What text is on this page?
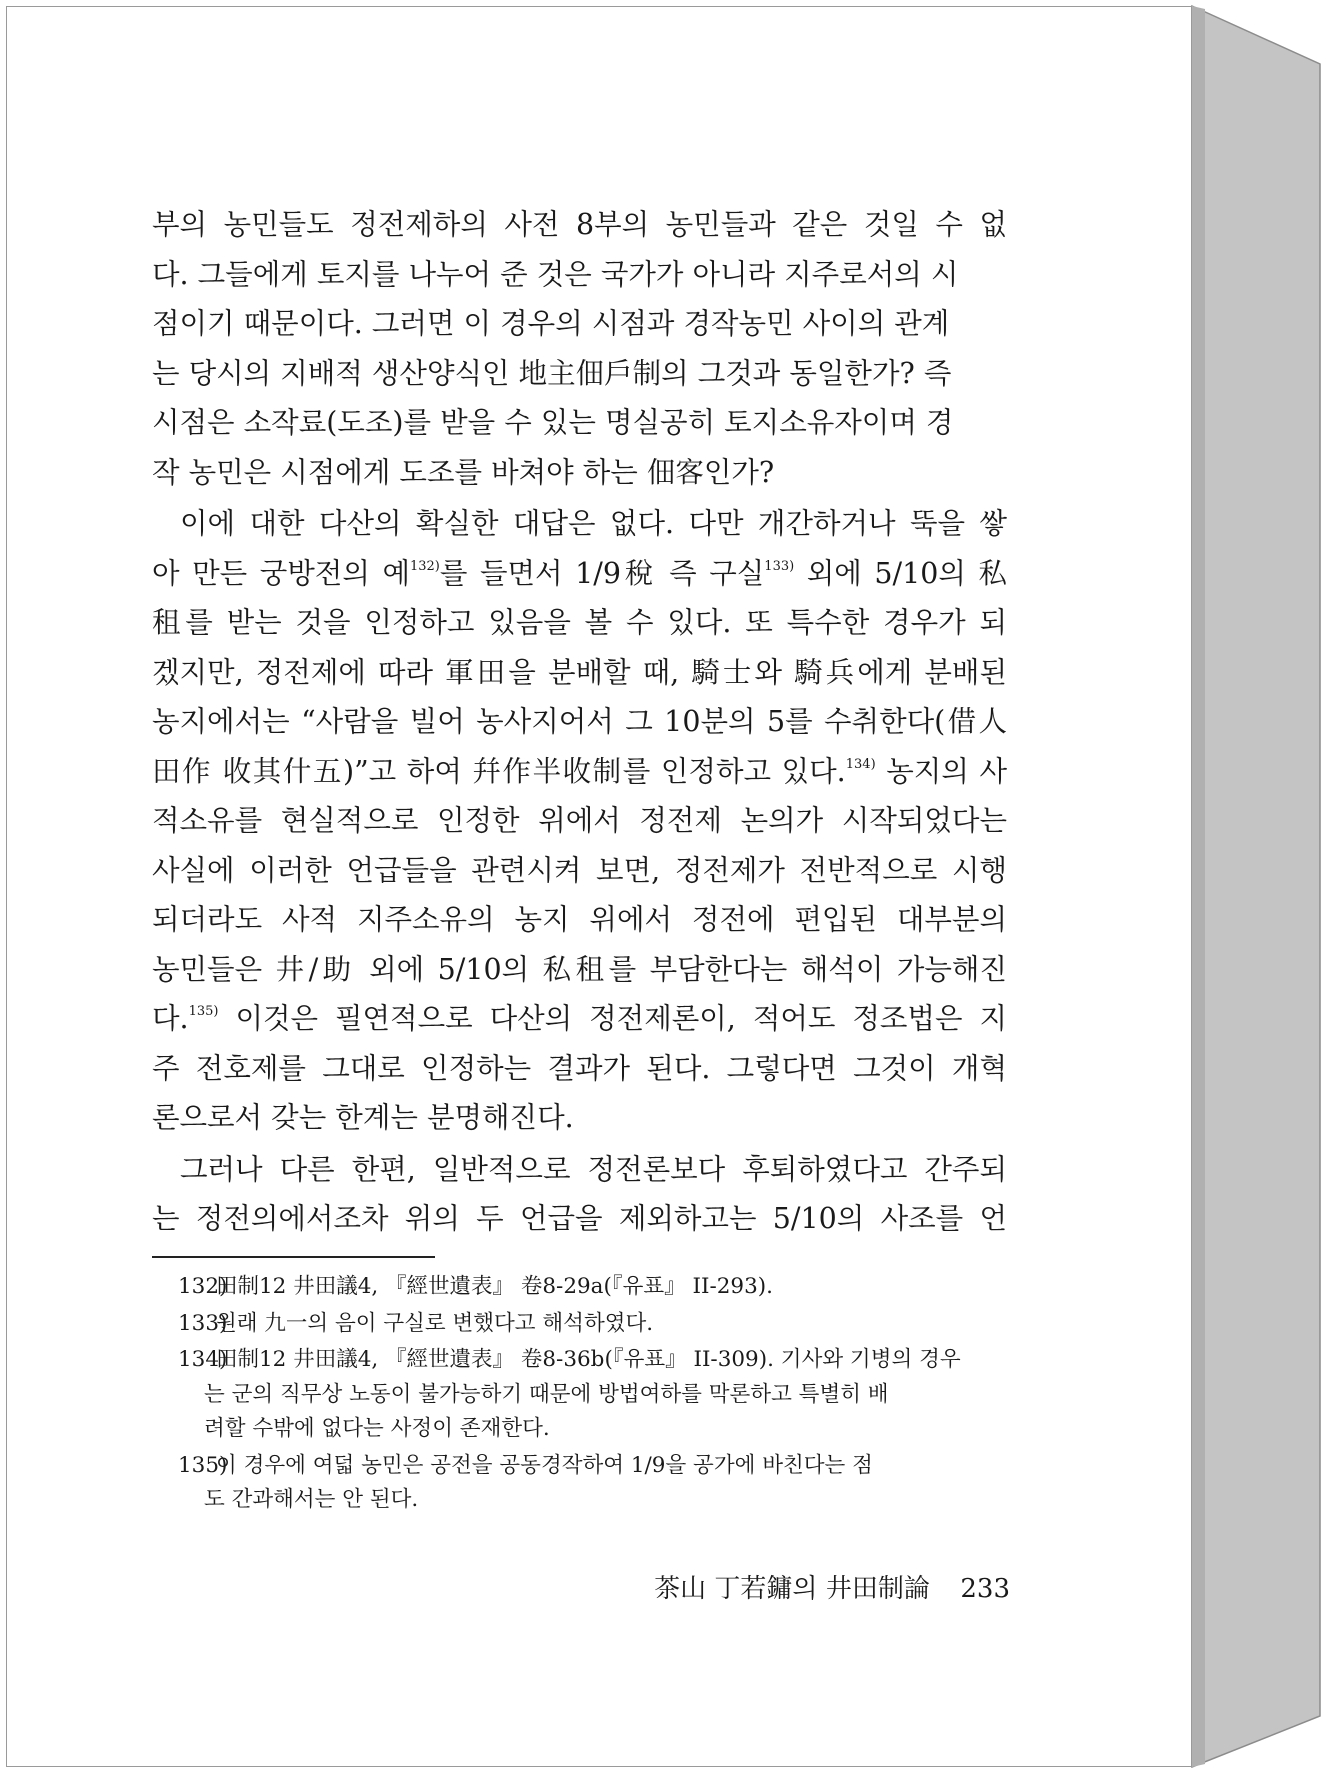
부의 농민들도 정전제하의 사전 8부의 농민들과 같은 것일 수 없
다. 그들에게 토지를 나누어 준 것은 국가가 아니라 지주로서의 시
점이기 때문이다. 그러면 이 경우의 시점과 경작농민 사이의 관계
는 당시의 지배적 생산양식인 地主佃戶制의 그것과 동일한가? 즉
시점은 소작료(도조)를 받을 수 있는 명실공히 토지소유자이며 경
작 농민은 시점에게 도조를 바쳐야 하는 佃客인가?

이에 대한 다산의 확실한 대답은 없다. 다만 개간하거나 뚝을 쌓
아 만든 궁방전의 예$^{132)}$를 들면서 1/9稅 즉 구실$^{133)}$ 외에 5/10의 私
租를 받는 것을 인정하고 있음을 볼 수 있다. 또 특수한 경우가 되
겠지만, 정전제에 따라 軍田을 분배할 때, 騎士와 騎兵에게 분배된
농지에서는 “사람을 빌어 농사지어서 그 10분의 5를 수취한다(借人
田作 收其什五)”고 하여 幷作半收制를 인정하고 있다.$^{134)}$ 농지의 사
적소유를 현실적으로 인정한 위에서 정전제 논의가 시작되었다는
사실에 이러한 언급들을 관련시켜 보면, 정전제가 전반적으로 시행
되더라도 사적 지주소유의 농지 위에서 정전에 편입된 대부분의
농민들은 井/助 외에 5/10의 私租를 부담한다는 해석이 가능해진
다.$^{135)}$ 이것은 필연적으로 다산의 정전제론이, 적어도 정조법은 지
주 전호제를 그대로 인정하는 결과가 된다. 그렇다면 그것이 개혁
론으로서 갖는 한계는 분명해진다.

그러나 다른 한편, 일반적으로 정전론보다 후퇴하였다고 간주되
는 정전의에서조차 위의 두 언급을 제외하고는 5/10의 사조를 언

132)田制12 井田議4, 『經世遺表』 卷8-29a(『유표』 II-293).

133)원래 九一의 음이 구실로 변했다고 해석하였다.

134)田制12 井田議4, 『經世遺表』 卷8-36b(『유표』 II-309). 기사와 기병의 경우
는 군의 직무상 노동이 불가능하기 때문에 방법여하를 막론하고 특별히 배
려할 수밖에 없다는 사정이 존재한다.

135)이 경우에 여덟 농민은 공전을 공동경작하여 1/9을 공가에 바친다는 점
도 간과해서는 안 된다.

茶山 丁若鏞의 井田制論 233
